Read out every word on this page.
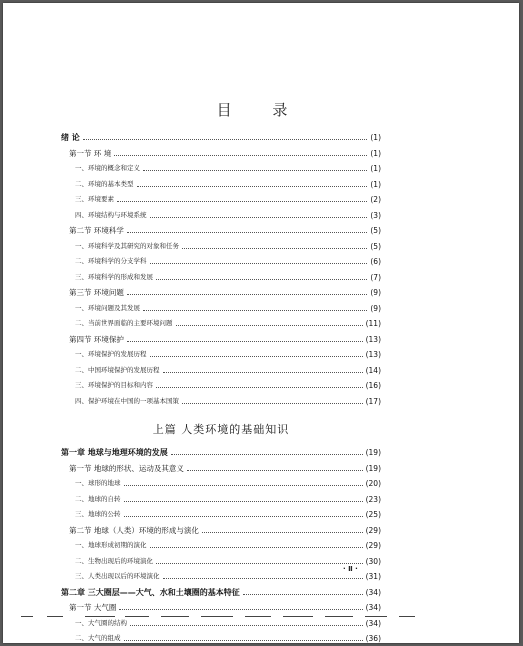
目 录
绪 论	(1)
第一节 环 境	(1)
一、环境的概念和定义	(1)
二、环境的基本类型	(1)
三、环境要素	(2)
四、环境结构与环境系统	(3)
第二节 环境科学	(5)
一、环境科学及其研究的对象和任务	(5)
二、环境科学的分支学科	(6)
三、环境科学的形成和发展	(7)
第三节 环境问题	(9)
一、环境问题及其发展	(9)
二、当前世界面临的主要环境问题	(11)
第四节 环境保护	(13)
一、环境保护的发展历程	(13)
二、中国环境保护的发展历程	(14)
三、环境保护的目标和内容	(16)
四、保护环境在中国的一项基本国策	(17)
上篇 人类环境的基础知识
第一章 地球与地理环境的发展	(19)
第一节 地球的形状、运动及其意义	(19)
一、球形的地球	(20)
二、地球的自转	(23)
三、地球的公转	(25)
第二节 地球（人类）环境的形成与演化	(29)
一、地球形成初期的演化	(29)
二、生物出现后的环境演化	(30)
三、人类出现以后的环境演化	(31)
第二章 三大圈层——大气、水和土壤圈的基本特征	(34)
第一节 大气圈	(34)
一、大气圈的结构	(34)
二、大气的组成	(36)
· Ⅱ ·
